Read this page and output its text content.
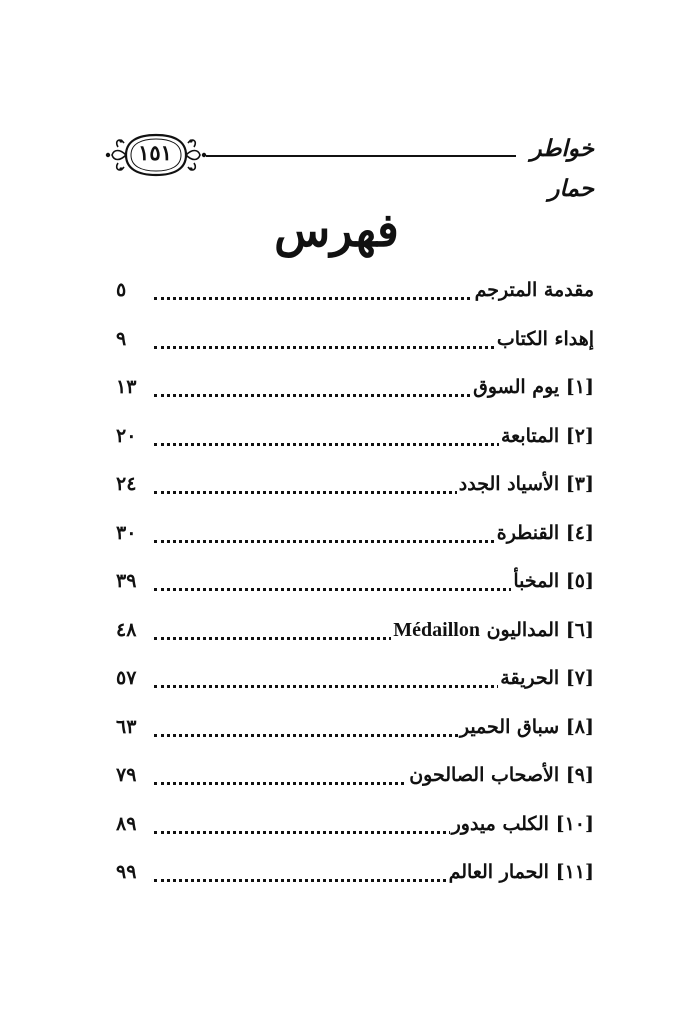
١٥١	خواطر حمار
فهرس
مقدمة المترجم
٥
إهداء الكتاب
٩
[١] يوم السوق
١٣
[٢] المتابعة
٢٠
[٣] الأسياد الجدد
٢٤
[٤] القنطرة
٣٠
[٥] المخبأ
٣٩
[٦] المداليون Médaillon
٤٨
[٧] الحريقة
٥٧
[٨] سباق الحمير
٦٣
[٩] الأصحاب الصالحون
٧٩
[١٠] الكلب ميدور
٨٩
[١١] الحمار العالم
٩٩
